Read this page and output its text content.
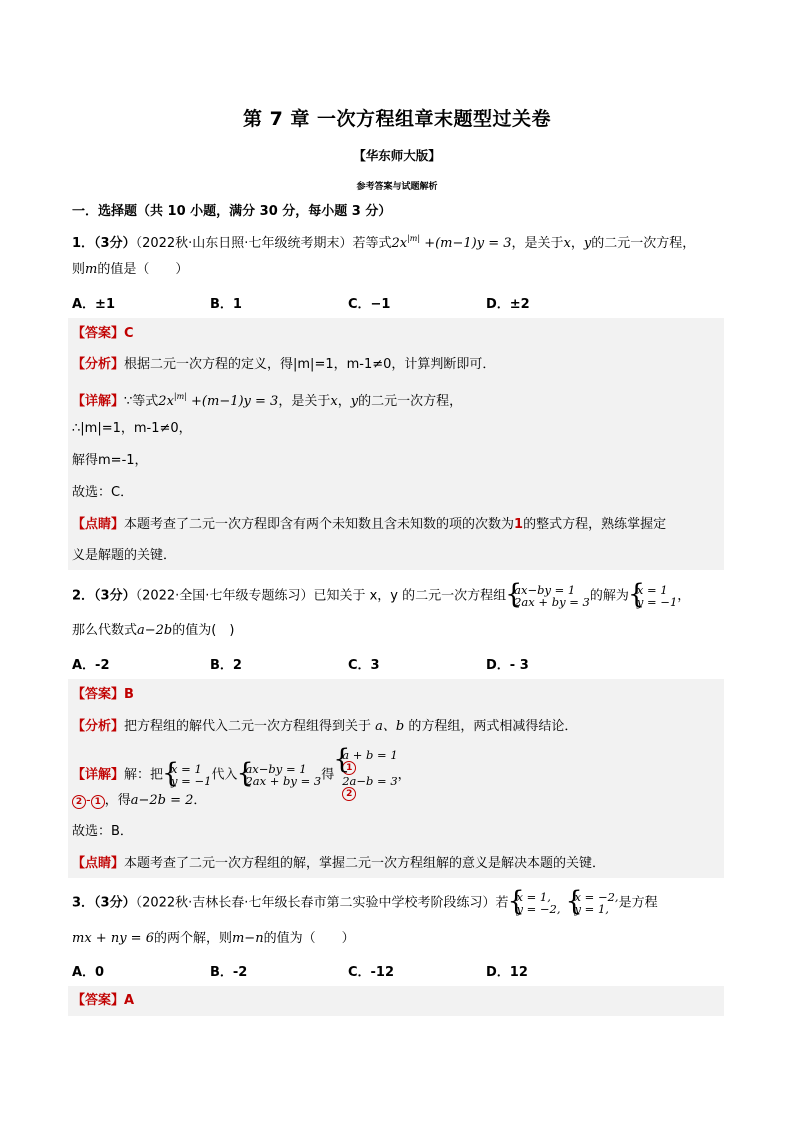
第 7 章 一次方程组章末题型过关卷
【华东师大版】
参考答案与试题解析
一．选择题（共 10 小题，满分 30 分，每小题 3 分）
1．（3分）（2022秋·山东日照·七年级统考期末）若等式$2x^{|m|} +(m-1)y = 3$，是关于x，y的二元一次方程，
则m的值是（　　）
A．±1	B．1	C．−1	D．±2
【答案】C
【分析】根据二元一次方程的定义，得|m|=1，m-1≠0，计算判断即可．
【详解】∵等式$2x^{|m|} +(m-1)y = 3$，是关于x，y的二元一次方程，
∴|m|=1，m-1≠0，
解得m=-1，
故选：C．
【点睛】本题考查了二元一次方程即含有两个未知数且含未知数的项的次数为1的整式方程，熟练掌握定
义是解题的关键．
2．（3分）（2022·全国·七年级专题练习）已知关于 x，y 的二元一次方程组 { ax−by = 1
2ax + by = 3 的解为 { x = 1
y = −1 ，
那么代数式a−2b的值为(　)
A．-2	B．2	C．3	D．- 3
【答案】B
【分析】把方程组的解代入二元一次方程组得到关于 a、b 的方程组，两式相减得结论．
【详解】解：把 { x = 1
y = −1 代入 { ax−by = 1
2ax + by = 3 得
{ a + b = 1
1
2a−b = 3
2
，
2 - 1 ，得a−2b = 2．
故选：B．
【点睛】本题考查了二元一次方程组的解，掌握二元一次方程组解的意义是解决本题的关键．
3．（3分）（2022秋·吉林长春·七年级长春市第二实验中学校考阶段练习）若 { x = 1,
y = −2,
{ x = −2,
y = 1, 是方程
mx + ny = 6的两个解，则m−n的值为（　　）
A．0	B．-2	C．-12	D．12
【答案】A
